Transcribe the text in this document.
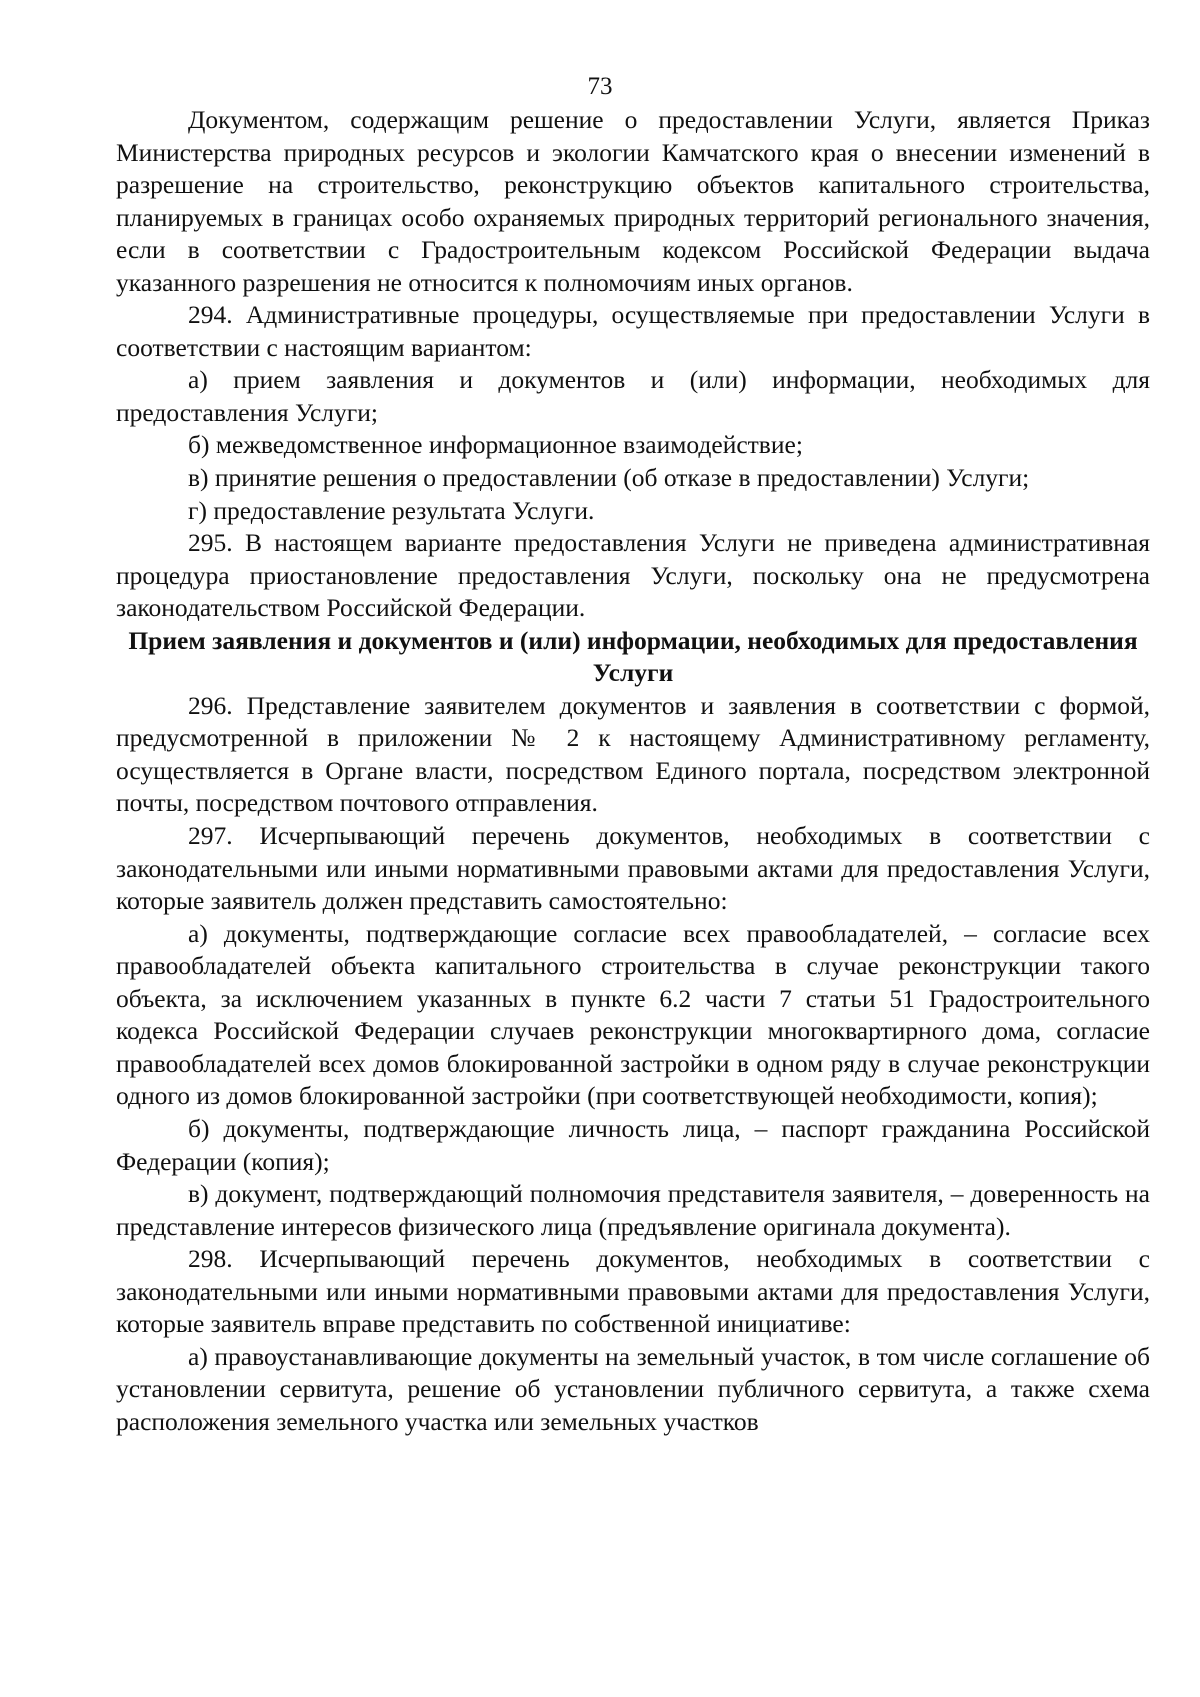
73

Документом, содержащим решение о предоставлении Услуги, является Приказ Министерства природных ресурсов и экологии Камчатского края о внесении изменений в разрешение на строительство, реконструкцию объектов капитального строительства, планируемых в границах особо охраняемых природных территорий регионального значения, если в соответствии с Градостроительным кодексом Российской Федерации выдача указанного разрешения не относится к полномочиям иных органов.

294. Административные процедуры, осуществляемые при предоставлении Услуги в соответствии с настоящим вариантом:

а) прием заявления и документов и (или) информации, необходимых для предоставления Услуги;

б) межведомственное информационное взаимодействие;

в) принятие решения о предоставлении (об отказе в предоставлении) Услуги;

г) предоставление результата Услуги.

295. В настоящем варианте предоставления Услуги не приведена административная процедура приостановление предоставления Услуги, поскольку она не предусмотрена законодательством Российской Федерации.

Прием заявления и документов и (или) информации, необходимых для предоставления Услуги

296. Представление заявителем документов и заявления в соответствии с формой, предусмотренной в приложении № 2 к настоящему Административному регламенту, осуществляется в Органе власти, посредством Единого портала, посредством электронной почты, посредством почтового отправления.

297. Исчерпывающий перечень документов, необходимых в соответствии с законодательными или иными нормативными правовыми актами для предоставления Услуги, которые заявитель должен представить самостоятельно:

а) документы, подтверждающие согласие всех правообладателей, – согласие всех правообладателей объекта капитального строительства в случае реконструкции такого объекта, за исключением указанных в пункте 6.2 части 7 статьи 51 Градостроительного кодекса Российской Федерации случаев реконструкции многоквартирного дома, согласие правообладателей всех домов блокированной застройки в одном ряду в случае реконструкции одного из домов блокированной застройки (при соответствующей необходимости, копия);

б) документы, подтверждающие личность лица, – паспорт гражданина Российской Федерации (копия);

в) документ, подтверждающий полномочия представителя заявителя, – доверенность на представление интересов физического лица (предъявление оригинала документа).

298. Исчерпывающий перечень документов, необходимых в соответствии с законодательными или иными нормативными правовыми актами для предоставления Услуги, которые заявитель вправе представить по собственной инициативе:

а) правоустанавливающие документы на земельный участок, в том числе соглашение об установлении сервитута, решение об установлении публичного сервитута, а также схема расположения земельного участка или земельных участков
